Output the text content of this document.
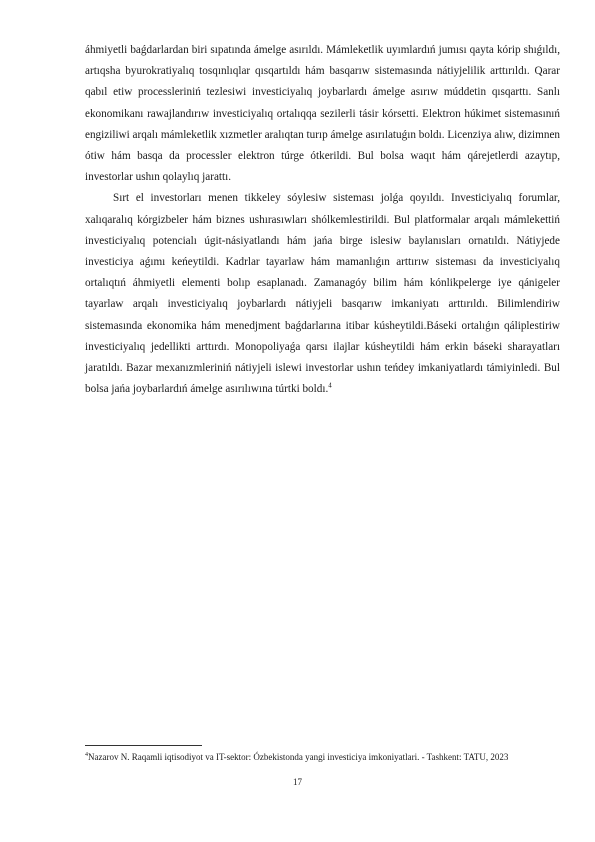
áhmiyetli baǵdarlardan biri sıpatında ámelge asırıldı. Mámleketlik uyımlardıń jumısı qayta kórip shıǵıldı, artıqsha byurokratiyalıq tosqınlıqlar qısqartıldı hám basqarıw sistemasında nátiyjelilik arttırıldı. Qarar qabıl etiw processleriniń tezlesiwi investiciyalıq joybarlardı ámelge asırıw múddetin qısqarttı. Sanlı ekonomikanı rawajlandırıw investiciyalıq ortalıqqa sezilerli tásir kórsetti. Elektron húkimet sistemasınıń engiziliwi arqalı mámleketlik xızmetler aralıqtan turıp ámelge asırılatuǵın boldı. Licenziya alıw, dizimnen ótiw hám basqa da processler elektron túrge ótkerildi. Bul bolsa waqıt hám qárejetlerdi azaytıp, investorlar ushın qolaylıq jarattı.

Sırt el investorları menen tikkeley sóylesiw sisteması jolǵa qoyıldı. Investiciyalıq forumlar, xalıqaralıq kórgizbeler hám biznes ushırasıwları shólkemlestirildi. Bul platformalar arqalı mámlekettiń investiciyalıq potencialı úgit-násiyatlandı hám jańa birge islesiw baylanısları ornatıldı. Nátiyjede investiciya aǵımı keńeytildi. Kadrlar tayarlaw hám mamanlıǵın arttırıw sisteması da investiciyalıq ortalıqtıń áhmiyetli elementi bolıp esaplanadı. Zamanagóy bilim hám kónlikpelerge iye qánigeler tayarlaw arqalı investiciyalıq joybarlardı nátiyjeli basqarıw imkaniyatı arttırıldı. Bilimlendiriw sistemasında ekonomika hám menedjment baǵdarlarına itibar kúsheytildi.Báseki ortalıǵın qáliplestiriw investiciyalıq jedellikti arttırdı. Monopoliyaǵa qarsı ilajlar kúsheytildi hám erkin báseki sharayatları jaratıldı. Bazar mexanızmleriniń nátiyjeli islewi investorlar ushın teńdey imkaniyatlardı támiyinledi. Bul bolsa jańa joybarlardıń ámelge asırılıwına túrtki boldı.$^4$

$^4$Nazarov N. Raqamli iqtisodiyot va IT-sektor: Ózbekistonda yangi investiciya imkoniyatlari. - Tashkent: TATU, 2023

17
